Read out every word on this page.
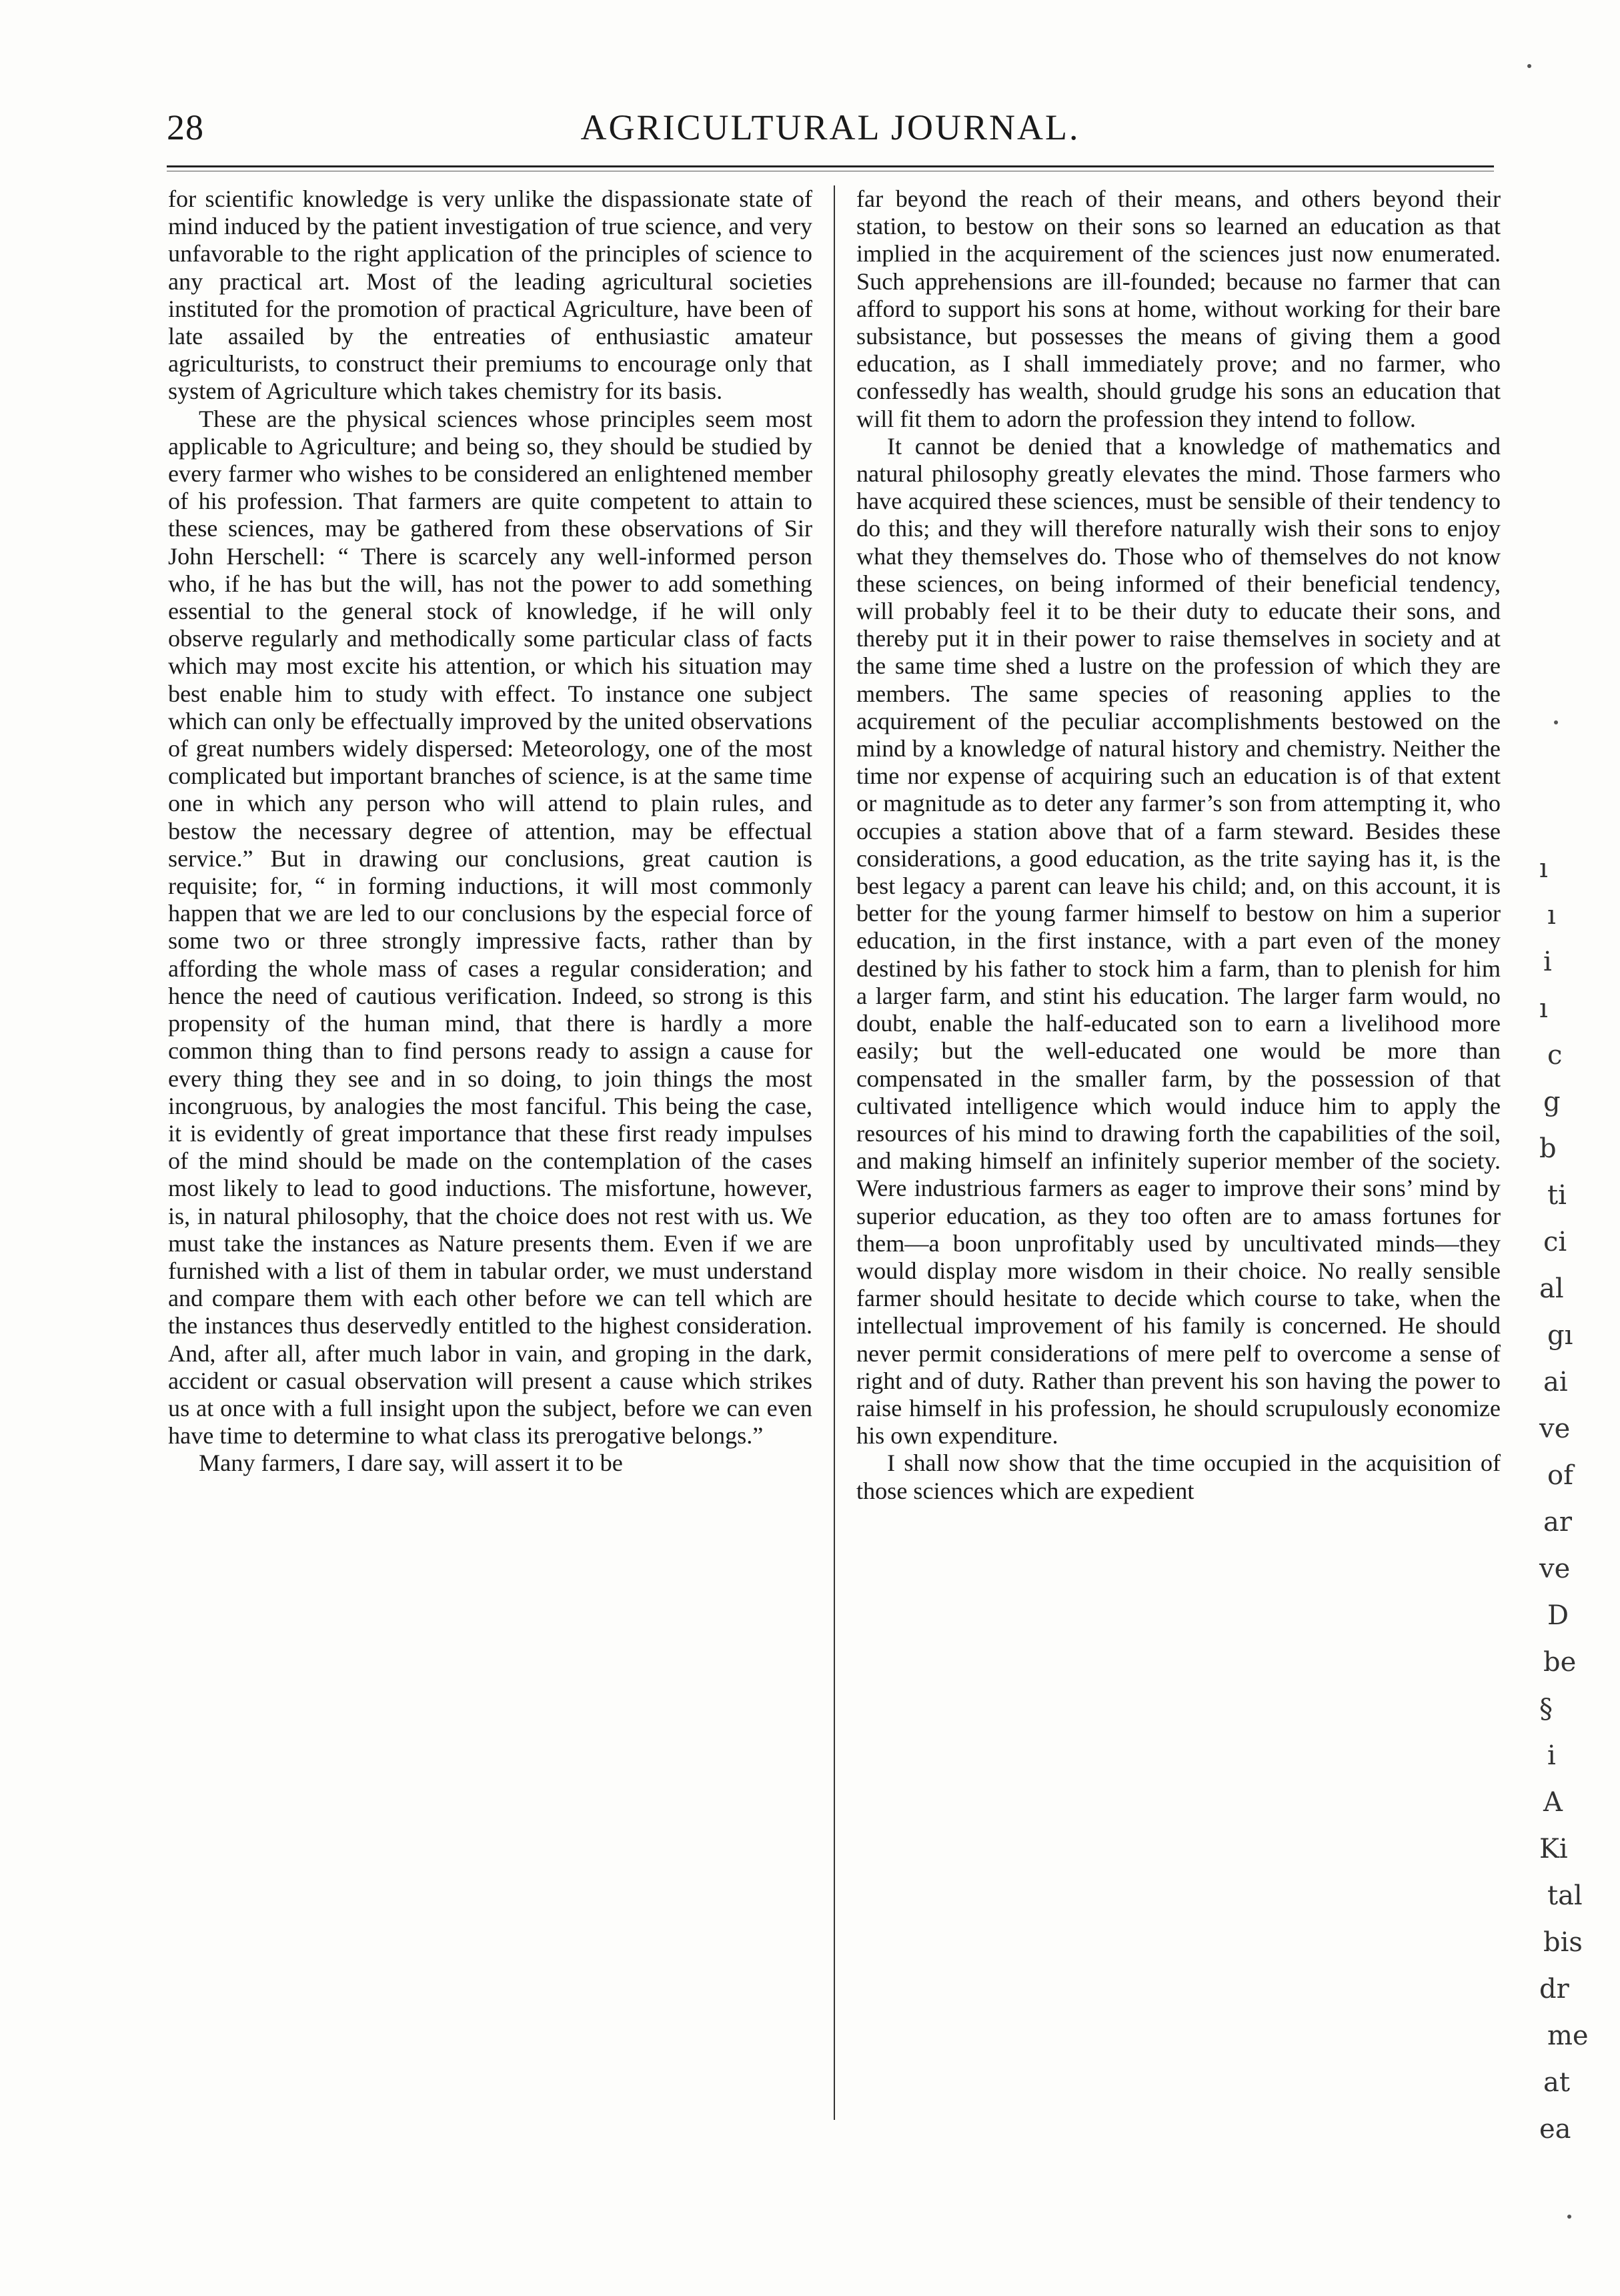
28	AGRICULTURAL JOURNAL.

for scientific knowledge is very unlike the dispassionate state of mind induced by the patient investigation of true science, and very unfavorable to the right application of the principles of science to any practical art. Most of the leading agricultural societies instituted for the promotion of practical Agriculture, have been of late assailed by the entreaties of enthusiastic amateur agriculturists, to construct their premiums to encourage only that system of Agriculture which takes chemistry for its basis.

These are the physical sciences whose principles seem most applicable to Agriculture; and being so, they should be studied by every farmer who wishes to be considered an enlightened member of his profession. That farmers are quite competent to attain to these sciences, may be gathered from these observations of Sir John Herschell: “ There is scarcely any well-informed person who, if he has but the will, has not the power to add something essential to the general stock of knowledge, if he will only observe regularly and methodically some particular class of facts which may most excite his attention, or which his situation may best enable him to study with effect. To instance one subject which can only be effectually improved by the united observations of great numbers widely dispersed: Meteorology, one of the most complicated but important branches of science, is at the same time one in which any person who will attend to plain rules, and bestow the necessary degree of attention, may be effectual service.” But in drawing our conclusions, great caution is requisite; for, “ in forming inductions, it will most commonly happen that we are led to our conclusions by the especial force of some two or three strongly impressive facts, rather than by affording the whole mass of cases a regular consideration; and hence the need of cautious verification. Indeed, so strong is this propensity of the human mind, that there is hardly a more common thing than to find persons ready to assign a cause for every thing they see and in so doing, to join things the most incongruous, by analogies the most fanciful. This being the case, it is evidently of great importance that these first ready impulses of the mind should be made on the contemplation of the cases most likely to lead to good inductions. The misfortune, however, is, in natural philosophy, that the choice does not rest with us. We must take the instances as Nature presents them. Even if we are furnished with a list of them in tabular order, we must understand and compare them with each other before we can tell which are the instances thus deservedly entitled to the highest consideration. And, after all, after much labor in vain, and groping in the dark, accident or casual observation will present a cause which strikes us at once with a full insight upon the subject, before we can even have time to determine to what class its prerogative belongs.”

Many farmers, I dare say, will assert it to be

far beyond the reach of their means, and others beyond their station, to bestow on their sons so learned an education as that implied in the acquirement of the sciences just now enumerated. Such apprehensions are ill-founded; because no farmer that can afford to support his sons at home, without working for their bare subsistance, but possesses the means of giving them a good education, as I shall immediately prove; and no farmer, who confessedly has wealth, should grudge his sons an education that will fit them to adorn the profession they intend to follow.

It cannot be denied that a knowledge of mathematics and natural philosophy greatly elevates the mind. Those farmers who have acquired these sciences, must be sensible of their tendency to do this; and they will therefore naturally wish their sons to enjoy what they themselves do. Those who of themselves do not know these sciences, on being informed of their beneficial tendency, will probably feel it to be their duty to educate their sons, and thereby put it in their power to raise themselves in society and at the same time shed a lustre on the profession of which they are members. The same species of reasoning applies to the acquirement of the peculiar accomplishments bestowed on the mind by a knowledge of natural history and chemistry. Neither the time nor expense of acquiring such an education is of that extent or magnitude as to deter any farmer’s son from attempting it, who occupies a station above that of a farm steward. Besides these considerations, a good education, as the trite saying has it, is the best legacy a parent can leave his child; and, on this account, it is better for the young farmer himself to bestow on him a superior education, in the first instance, with a part even of the money destined by his father to stock him a farm, than to plenish for him a larger farm, and stint his education. The larger farm would, no doubt, enable the half-educated son to earn a livelihood more easily; but the well-educated one would be more than compensated in the smaller farm, by the possession of that cultivated intelligence which would induce him to apply the resources of his mind to drawing forth the capabilities of the soil, and making himself an infinitely superior member of the society. Were industrious farmers as eager to improve their sons’ mind by superior education, as they too often are to amass fortunes for them—a boon unprofitably used by uncultivated minds—they would display more wisdom in their choice. No really sensible farmer should hesitate to decide which course to take, when the intellectual improvement of his family is concerned. He should never permit considerations of mere pelf to overcome a sense of right and of duty. Rather than prevent his son having the power to raise himself in his profession, he should scrupulously economize his own expenditure.

I shall now show that the time occupied in the acquisition of those sciences which are expedient

ı
ı
i
ı
c
g
b
ti
ci
al
gı
ai
ve
of
ar
ve
D
be
§
i
A
Ki
tal
bis
dr
me
at
ea
